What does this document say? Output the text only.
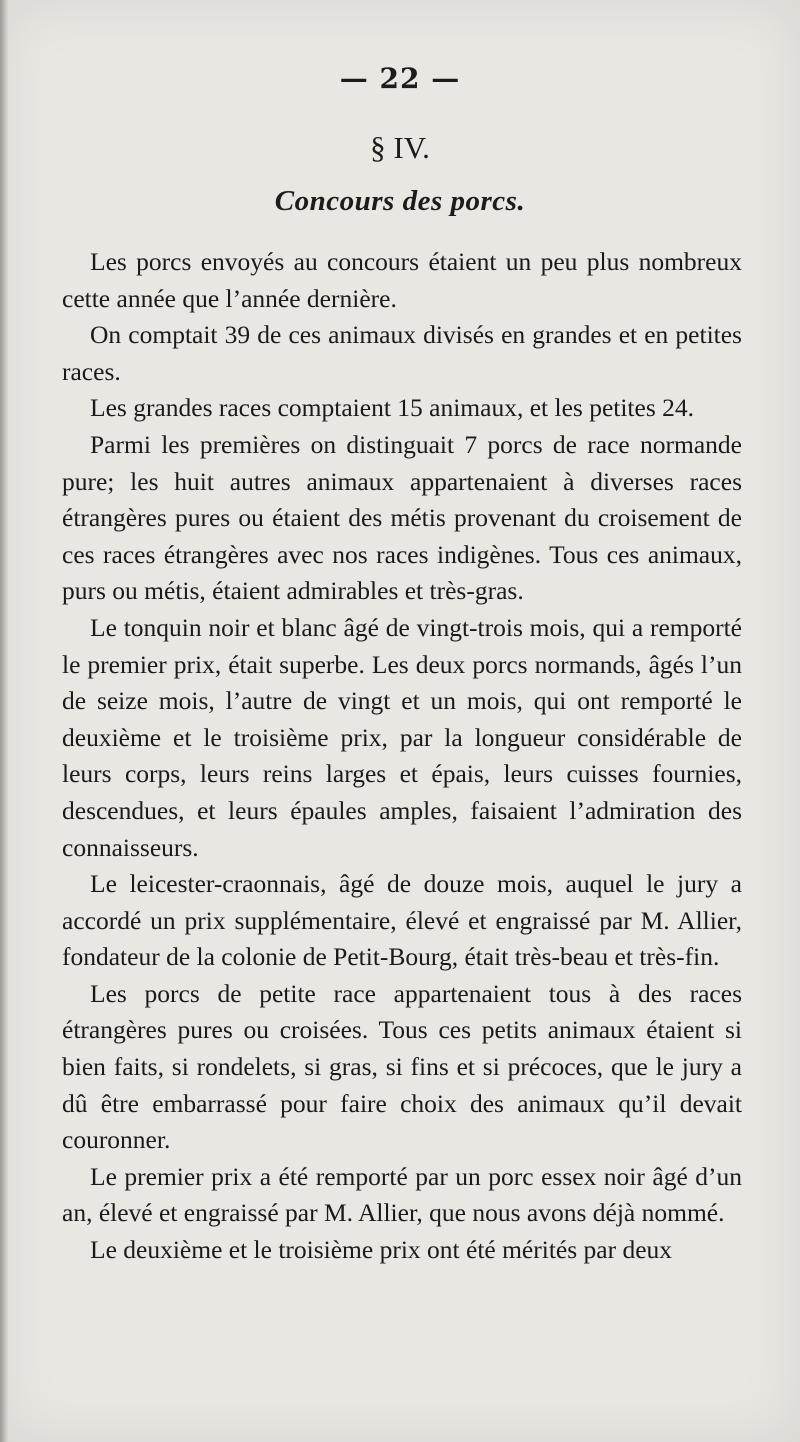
— 22 —
§ IV.
Concours des porcs.

Les porcs envoyés au concours étaient un peu plus nombreux cette année que l’année dernière.

On comptait 39 de ces animaux divisés en grandes et en petites races.

Les grandes races comptaient 15 animaux, et les petites 24.

Parmi les premières on distinguait 7 porcs de race normande pure; les huit autres animaux appartenaient à diverses races étrangères pures ou étaient des métis provenant du croisement de ces races étrangères avec nos races indigènes. Tous ces animaux, purs ou métis, étaient admirables et très-gras.

Le tonquin noir et blanc âgé de vingt-trois mois, qui a remporté le premier prix, était superbe. Les deux porcs normands, âgés l’un de seize mois, l’autre de vingt et un mois, qui ont remporté le deuxième et le troisième prix, par la longueur considérable de leurs corps, leurs reins larges et épais, leurs cuisses fournies, descendues, et leurs épaules amples, faisaient l’admiration des connaisseurs.

Le leicester-craonnais, âgé de douze mois, auquel le jury a accordé un prix supplémentaire, élevé et engraissé par M. Allier, fondateur de la colonie de Petit-Bourg, était très-beau et très-fin.

Les porcs de petite race appartenaient tous à des races étrangères pures ou croisées. Tous ces petits animaux étaient si bien faits, si rondelets, si gras, si fins et si précoces, que le jury a dû être embarrassé pour faire choix des animaux qu’il devait couronner.

Le premier prix a été remporté par un porc essex noir âgé d’un an, élevé et engraissé par M. Allier, que nous avons déjà nommé.

Le deuxième et le troisième prix ont été mérités par deux
